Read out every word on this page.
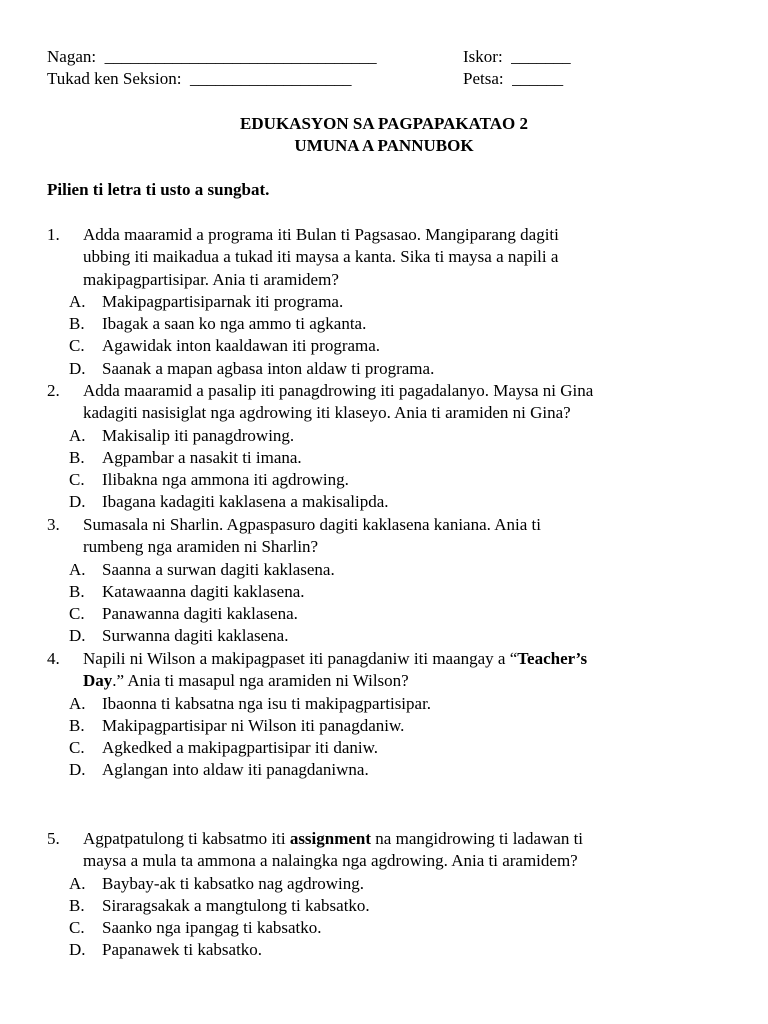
Nagan: ________________________________	Iskor: _______
Tukad ken Seksion: ___________________	Petsa: ______
EDUKASYON SA PAGPAPAKATAO 2
UMUNA A PANNUBOK
Pilien ti letra ti usto a sungbat.
1. Adda maaramid a programa iti Bulan ti Pagsasao. Mangiparang dagiti
ubbing iti maikadua a tukad iti maysa a kanta. Sika ti maysa a napili a
makipagpartisipar. Ania ti aramidem?
A. Makipagpartisiparnak iti programa.
B. Ibagak a saan ko nga ammo ti agkanta.
C. Agawidak inton kaaldawan iti programa.
D. Saanak a mapan agbasa inton aldaw ti programa.
2. Adda maaramid a pasalip iti panagdrowing iti pagadalanyo. Maysa ni Gina
kadagiti nasisiglat nga agdrowing iti klaseyo. Ania ti aramiden ni Gina?
A. Makisalip iti panagdrowing.
B. Agpambar a nasakit ti imana.
C. Ilibakna nga ammona iti agdrowing.
D. Ibagana kadagiti kaklasena a makisalipda.
3. Sumasala ni Sharlin. Agpaspasuro dagiti kaklasena kaniana. Ania ti
rumbeng nga aramiden ni Sharlin?
A. Saanna a surwan dagiti kaklasena.
B. Katawaanna dagiti kaklasena.
C. Panawanna dagiti kaklasena.
D. Surwanna dagiti kaklasena.
4. Napili ni Wilson a makipagpaset iti panagdaniw iti maangay a “Teacher’s
Day.” Ania ti masapul nga aramiden ni Wilson?
A. Ibaonna ti kabsatna nga isu ti makipagpartisipar.
B. Makipagpartisipar ni Wilson iti panagdaniw.
C. Agkedked a makipagpartisipar iti daniw.
D. Aglangan into aldaw iti panagdaniwna.
5. Agpatpatulong ti kabsatmo iti assignment na mangidrowing ti ladawan ti
maysa a mula ta ammona a nalaingka nga agdrowing. Ania ti aramidem?
A. Baybay-ak ti kabsatko nag agdrowing.
B. Siraragsakak a mangtulong ti kabsatko.
C. Saanko nga ipangag ti kabsatko.
D. Papanawek ti kabsatko.
